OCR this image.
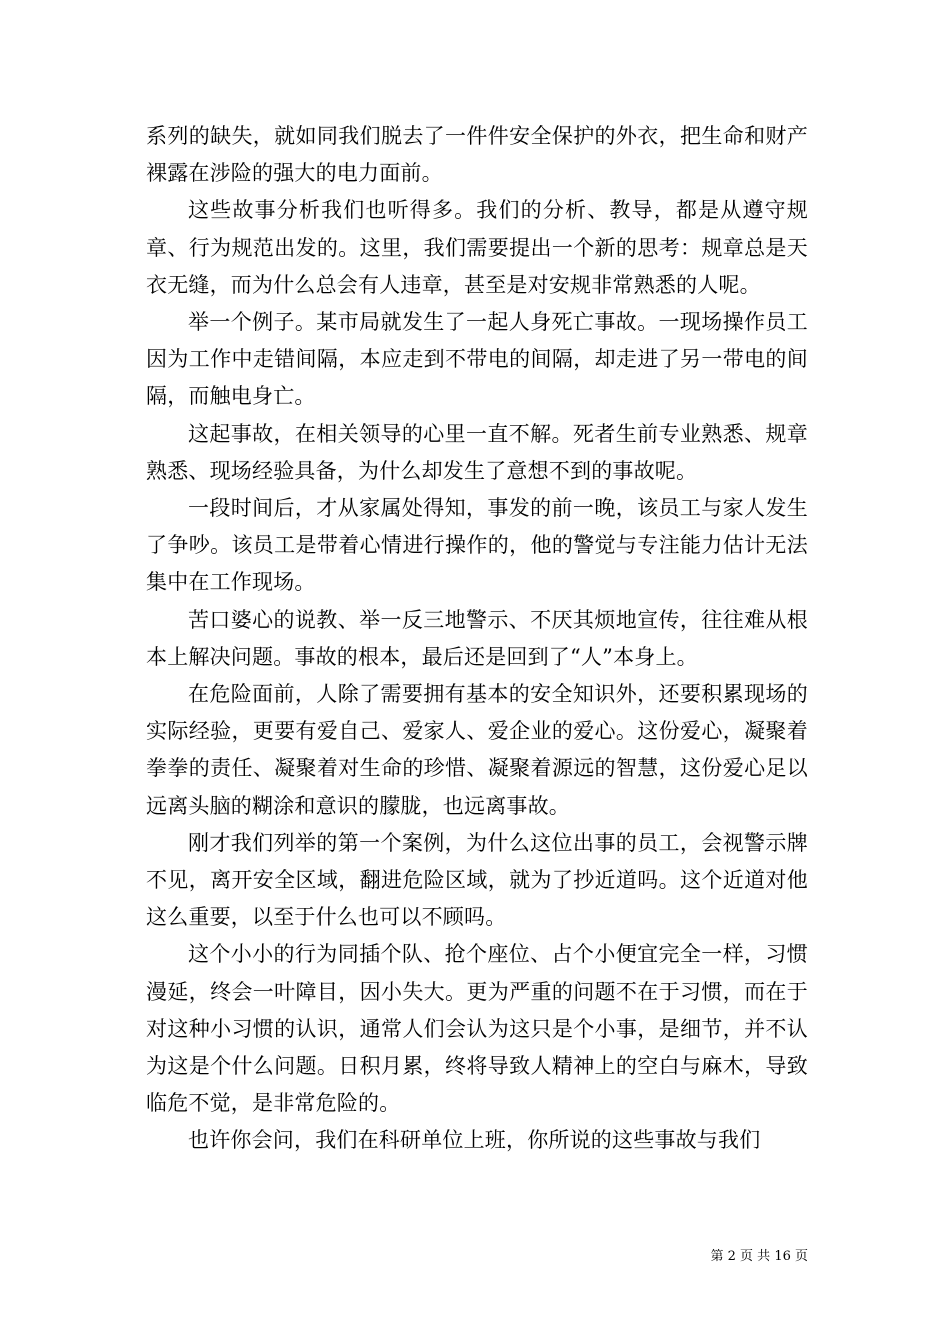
系列的缺失，就如同我们脱去了一件件安全保护的外衣，把生命和财产裸露在涉险的强大的电力面前。

这些故事分析我们也听得多。我们的分析、教导，都是从遵守规章、行为规范出发的。这里，我们需要提出一个新的思考：规章总是天衣无缝，而为什么总会有人违章，甚至是对安规非常熟悉的人呢。

举一个例子。某市局就发生了一起人身死亡事故。一现场操作员工因为工作中走错间隔，本应走到不带电的间隔，却走进了另一带电的间隔，而触电身亡。

这起事故，在相关领导的心里一直不解。死者生前专业熟悉、规章熟悉、现场经验具备，为什么却发生了意想不到的事故呢。

一段时间后，才从家属处得知，事发的前一晚，该员工与家人发生了争吵。该员工是带着心情进行操作的，他的警觉与专注能力估计无法集中在工作现场。

苦口婆心的说教、举一反三地警示、不厌其烦地宣传，往往难从根本上解决问题。事故的根本，最后还是回到了“人”本身上。

在危险面前，人除了需要拥有基本的安全知识外，还要积累现场的实际经验，更要有爱自己、爱家人、爱企业的爱心。这份爱心，凝聚着拳拳的责任、凝聚着对生命的珍惜、凝聚着源远的智慧，这份爱心足以远离头脑的糊涂和意识的朦胧，也远离事故。

刚才我们列举的第一个案例，为什么这位出事的员工，会视警示牌不见，离开安全区域，翻进危险区域，就为了抄近道吗。这个近道对他这么重要，以至于什么也可以不顾吗。

这个小小的行为同插个队、抢个座位、占个小便宜完全一样，习惯漫延，终会一叶障目，因小失大。更为严重的问题不在于习惯，而在于对这种小习惯的认识，通常人们会认为这只是个小事，是细节，并不认为这是个什么问题。日积月累，终将导致人精神上的空白与麻木，导致临危不觉，是非常危险的。

也许你会问，我们在科研单位上班，你所说的这些事故与我们

第 2 页 共 16 页
